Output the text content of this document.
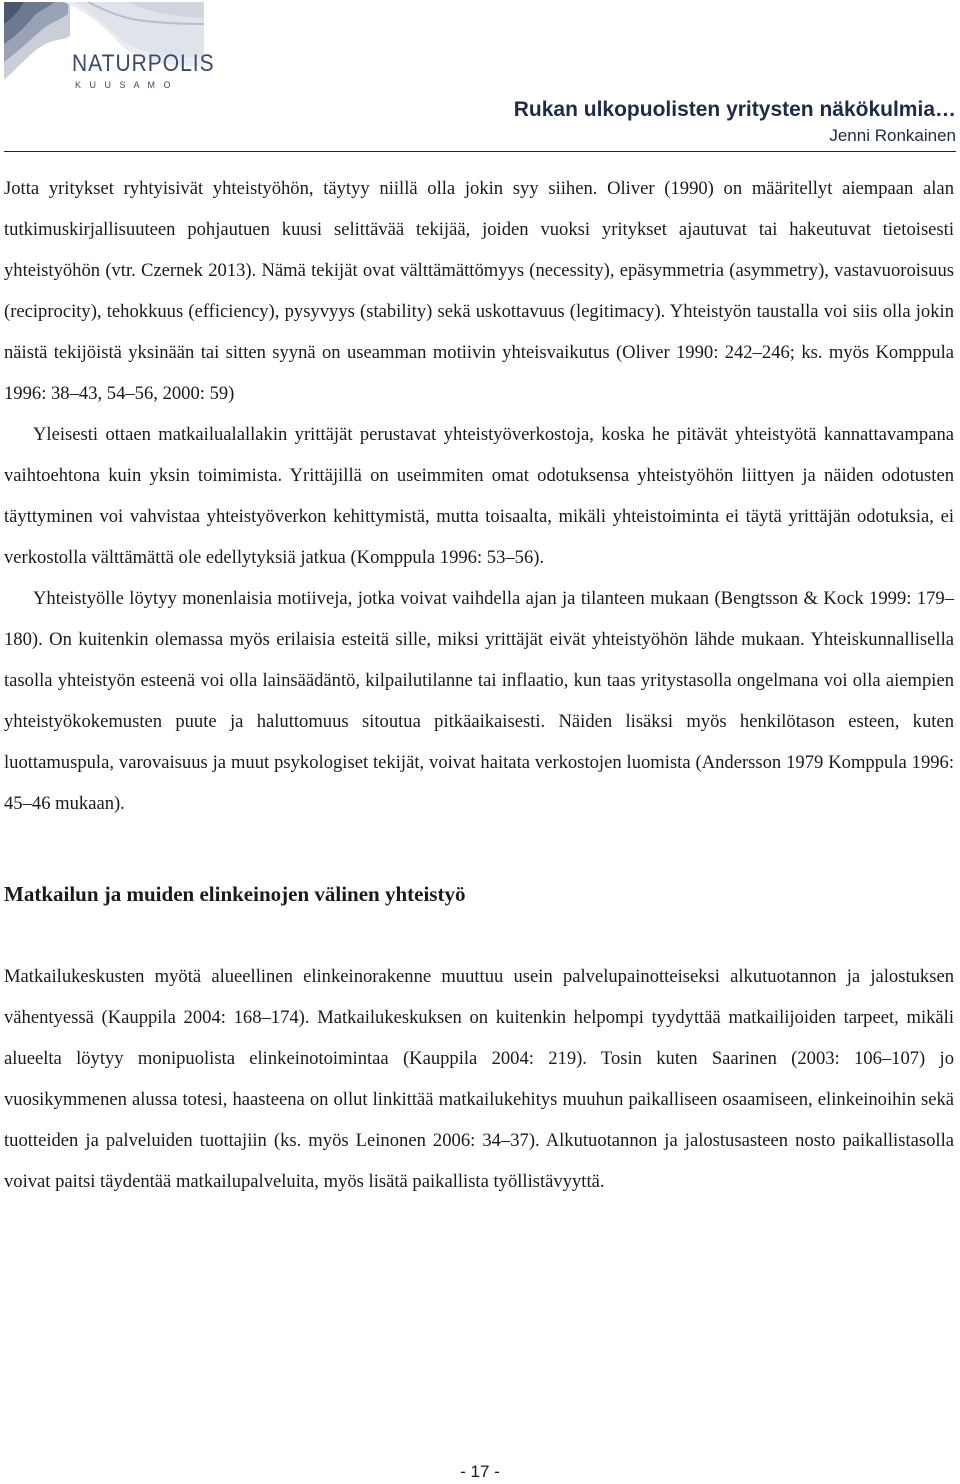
NATURPOLIS
K U U S A M O
Rukan ulkopuolisten yritysten näkökulmia…
Jenni Ronkainen

Jotta yritykset ryhtyisivät yhteistyöhön, täytyy niillä olla jokin syy siihen. Oliver (1990) on määritellyt aiempaan alan tutkimuskirjallisuuteen pohjautuen kuusi selittävää tekijää, joiden vuoksi yritykset ajautuvat tai hakeutuvat tietoisesti yhteistyöhön (vtr. Czernek 2013). Nämä tekijät ovat välttämättömyys (necessity), epäsymmetria (asymmetry), vastavuoroisuus (reciprocity), tehokkuus (efficiency), pysyvyys (stability) sekä uskottavuus (legitimacy). Yhteistyön taustalla voi siis olla jokin näistä tekijöistä yksinään tai sitten syynä on useamman motiivin yhteisvaikutus (Oliver 1990: 242‒246; ks. myös Komppula 1996: 38‒43, 54‒56, 2000: 59)

Yleisesti ottaen matkailualallakin yrittäjät perustavat yhteistyöverkostoja, koska he pitävät yhteistyötä kannattavampana vaihtoehtona kuin yksin toimimista. Yrittäjillä on useimmiten omat odotuksensa yhteistyöhön liittyen ja näiden odotusten täyttyminen voi vahvistaa yhteistyöverkon kehittymistä, mutta toisaalta, mikäli yhteistoiminta ei täytä yrittäjän odotuksia, ei verkostolla välttämättä ole edellytyksiä jatkua (Komppula 1996: 53‒56).

Yhteistyölle löytyy monenlaisia motiiveja, jotka voivat vaihdella ajan ja tilanteen mukaan (Bengtsson & Kock 1999: 179‒180). On kuitenkin olemassa myös erilaisia esteitä sille, miksi yrittäjät eivät yhteistyöhön lähde mukaan. Yhteiskunnallisella tasolla yhteistyön esteenä voi olla lainsäädäntö, kilpailutilanne tai inflaatio, kun taas yritystasolla ongelmana voi olla aiempien yhteistyökokemusten puute ja haluttomuus sitoutua pitkäaikaisesti. Näiden lisäksi myös henkilötason esteen, kuten luottamuspula, varovaisuus ja muut psykologiset tekijät, voivat haitata verkostojen luomista (Andersson 1979 Komppula 1996: 45‒46 mukaan).

Matkailun ja muiden elinkeinojen välinen yhteistyö

Matkailukeskusten myötä alueellinen elinkeinorakenne muuttuu usein palvelupainotteiseksi alkutuotannon ja jalostuksen vähentyessä (Kauppila 2004: 168‒174). Matkailukeskuksen on kuitenkin helpompi tyydyttää matkailijoiden tarpeet, mikäli alueelta löytyy monipuolista elinkeinotoimintaa (Kauppila 2004: 219). Tosin kuten Saarinen (2003: 106‒107) jo vuosikymmenen alussa totesi, haasteena on ollut linkittää matkailukehitys muuhun paikalliseen osaamiseen, elinkeinoihin sekä tuotteiden ja palveluiden tuottajiin (ks. myös Leinonen 2006: 34‒37). Alkutuotannon ja jalostusasteen nosto paikallistasolla voivat paitsi täydentää matkailupalveluita, myös lisätä paikallista työllistävyyttä.

- 17 -
